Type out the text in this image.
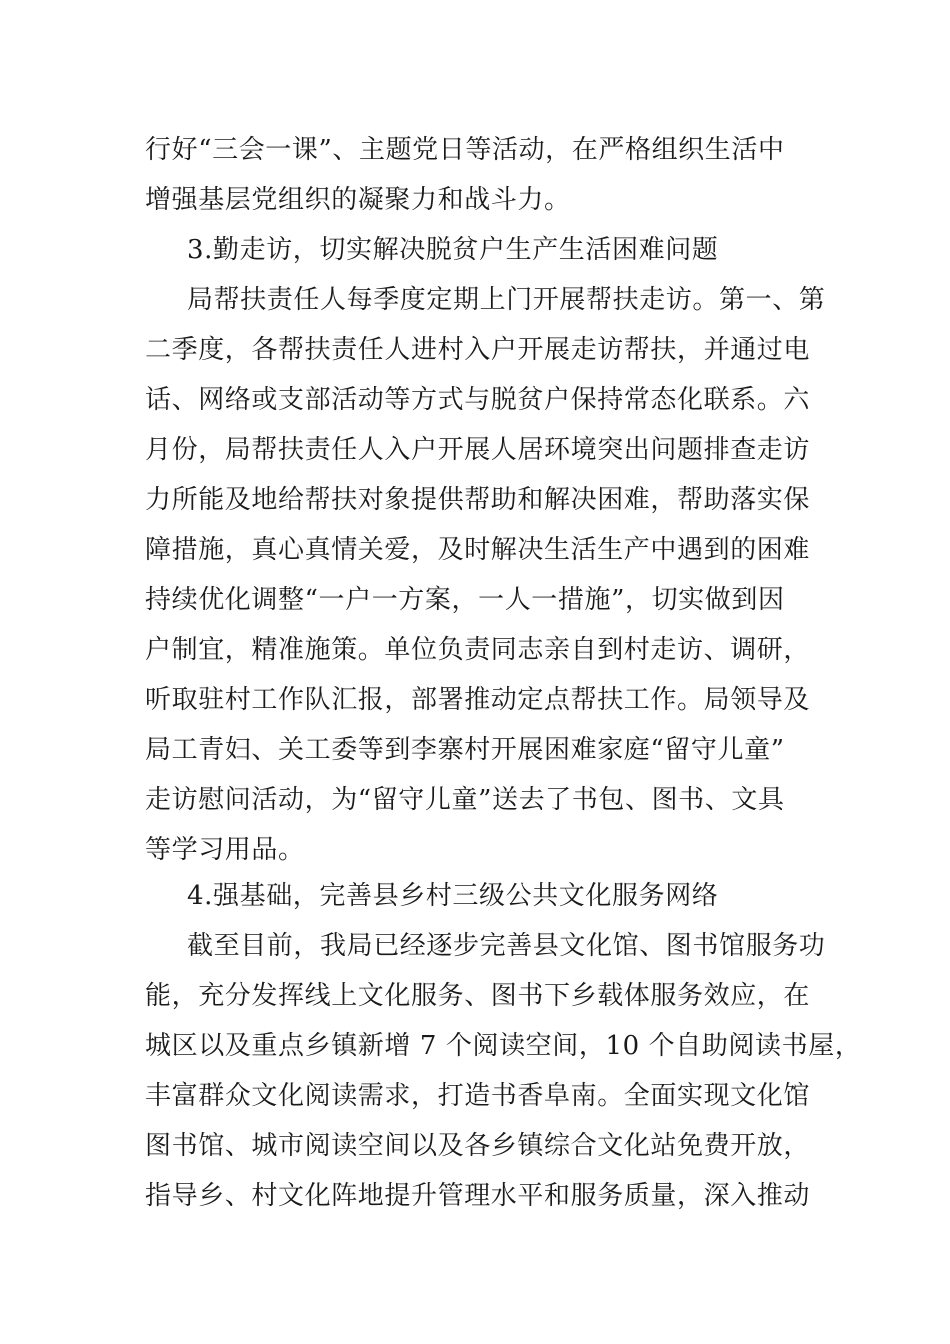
行好“三会一课”、主题党日等活动，在严格组织生活中
增强基层党组织的凝聚力和战斗力。
3.勤走访，切实解决脱贫户生产生活困难问题
局帮扶责任人每季度定期上门开展帮扶走访。第一、第
二季度，各帮扶责任人进村入户开展走访帮扶，并通过电
话、网络或支部活动等方式与脱贫户保持常态化联系。六
月份，局帮扶责任人入户开展人居环境突出问题排查走访
力所能及地给帮扶对象提供帮助和解决困难，帮助落实保
障措施，真心真情关爱，及时解决生活生产中遇到的困难
持续优化调整“一户一方案，一人一措施”，切实做到因
户制宜，精准施策。单位负责同志亲自到村走访、调研，
听取驻村工作队汇报，部署推动定点帮扶工作。局领导及
局工青妇、关工委等到李寨村开展困难家庭“留守儿童”
走访慰问活动，为“留守儿童”送去了书包、图书、文具
等学习用品。
4.强基础，完善县乡村三级公共文化服务网络
截至目前，我局已经逐步完善县文化馆、图书馆服务功
能，充分发挥线上文化服务、图书下乡载体服务效应，在
城区以及重点乡镇新增 7 个阅读空间，10 个自助阅读书屋，
丰富群众文化阅读需求，打造书香阜南。全面实现文化馆
图书馆、城市阅读空间以及各乡镇综合文化站免费开放，
指导乡、村文化阵地提升管理水平和服务质量，深入推动
